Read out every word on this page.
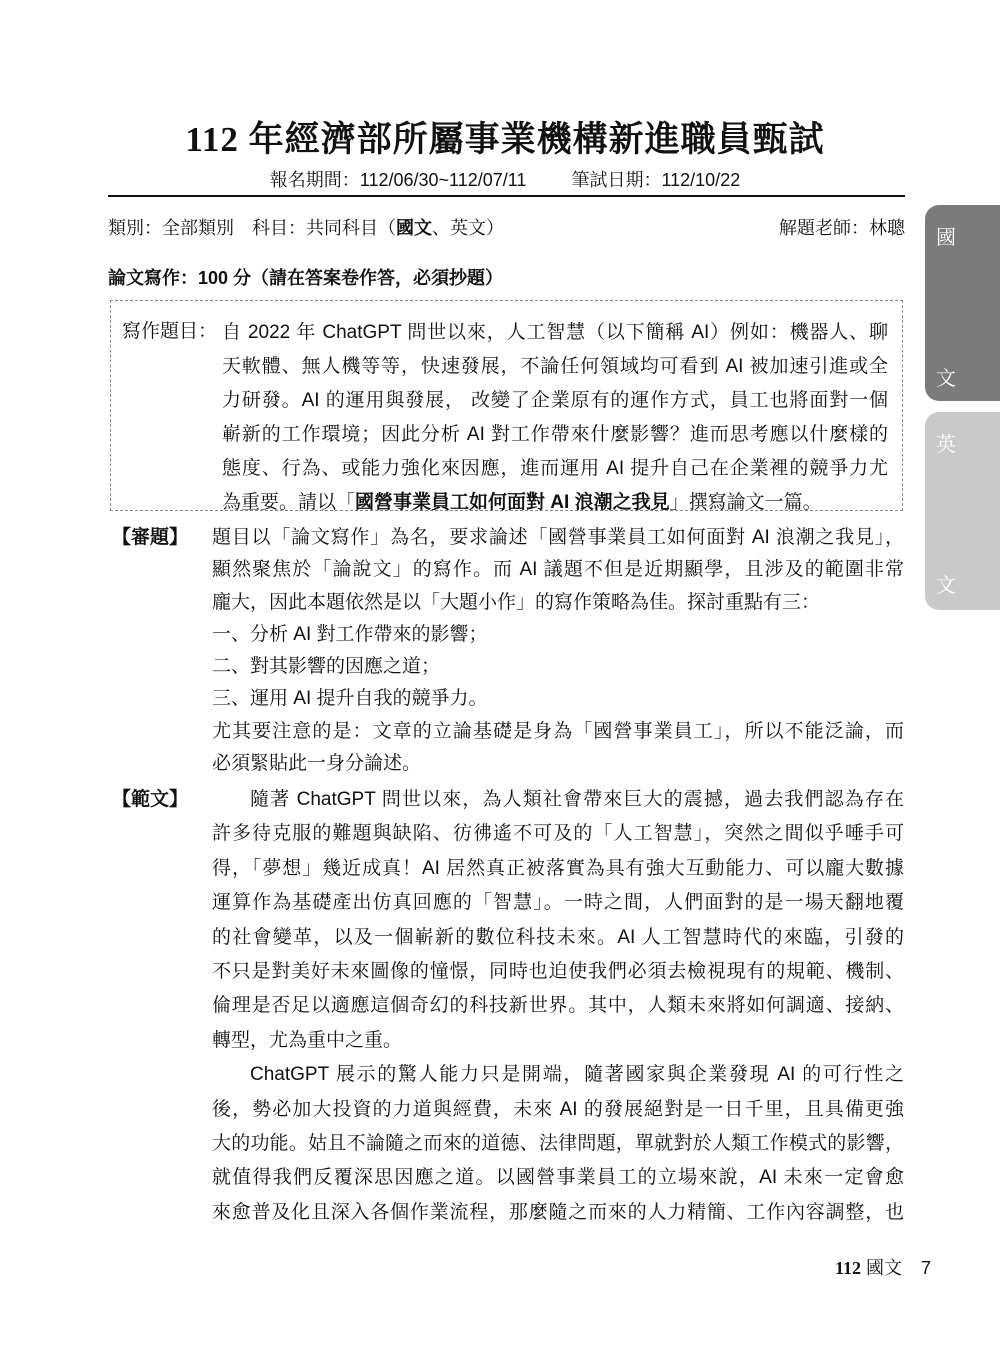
112 年經濟部所屬事業機構新進職員甄試
報名期間：112/06/30~112/07/11	筆試日期：112/10/22
類別：全部類別　科目：共同科目（國文、英文）	解題老師：林聰
論文寫作：100 分（請在答案卷作答，必須抄題）
寫作題目： 自 2022 年 ChatGPT 問世以來，人工智慧（以下簡稱 AI）例如：機器人、聊
天軟體、無人機等等，快速發展，不論任何領域均可看到 AI 被加速引進或全
力研發。AI 的運用與發展， 改變了企業原有的運作方式，員工也將面對一個
嶄新的工作環境；因此分析 AI 對工作帶來什麼影響？進而思考應以什麼樣的
態度、行為、或能力強化來因應，進而運用 AI 提升自己在企業裡的競爭力尤
為重要。請以「國營事業員工如何面對 AI 浪潮之我見」撰寫論文一篇。
【審題】 題目以「論文寫作」為名，要求論述「國營事業員工如何面對 AI 浪潮之我見」，
顯然聚焦於「論說文」的寫作。而 AI 議題不但是近期顯學，且涉及的範圍非常
龐大，因此本題依然是以「大題小作」的寫作策略為佳。探討重點有三：
一、分析 AI 對工作帶來的影響；
二、對其影響的因應之道；
三、運用 AI 提升自我的競爭力。
尤其要注意的是：文章的立論基礎是身為「國營事業員工」，所以不能泛論，而
必須緊貼此一身分論述。
【範文】	隨著 ChatGPT 問世以來，為人類社會帶來巨大的震撼，過去我們認為存在
許多待克服的難題與缺陷、彷彿遙不可及的「人工智慧」，突然之間似乎唾手可
得，「夢想」幾近成真！AI 居然真正被落實為具有強大互動能力、可以龐大數據
運算作為基礎產出仿真回應的「智慧」。一時之間，人們面對的是一場天翻地覆
的社會變革，以及一個嶄新的數位科技未來。AI 人工智慧時代的來臨，引發的
不只是對美好未來圖像的憧憬，同時也迫使我們必須去檢視現有的規範、機制、
倫理是否足以適應這個奇幻的科技新世界。其中，人類未來將如何調適、接納、
轉型，尤為重中之重。
ChatGPT 展示的驚人能力只是開端，隨著國家與企業發現 AI 的可行性之
後，勢必加大投資的力道與經費，未來 AI 的發展絕對是一日千里，且具備更強
大的功能。姑且不論隨之而來的道德、法律問題，單就對於人類工作模式的影響，
就值得我們反覆深思因應之道。以國營事業員工的立場來說，AI 未來一定會愈
來愈普及化且深入各個作業流程，那麼隨之而來的人力精簡、工作內容調整，也
112 國文 7
國
文
英
文
